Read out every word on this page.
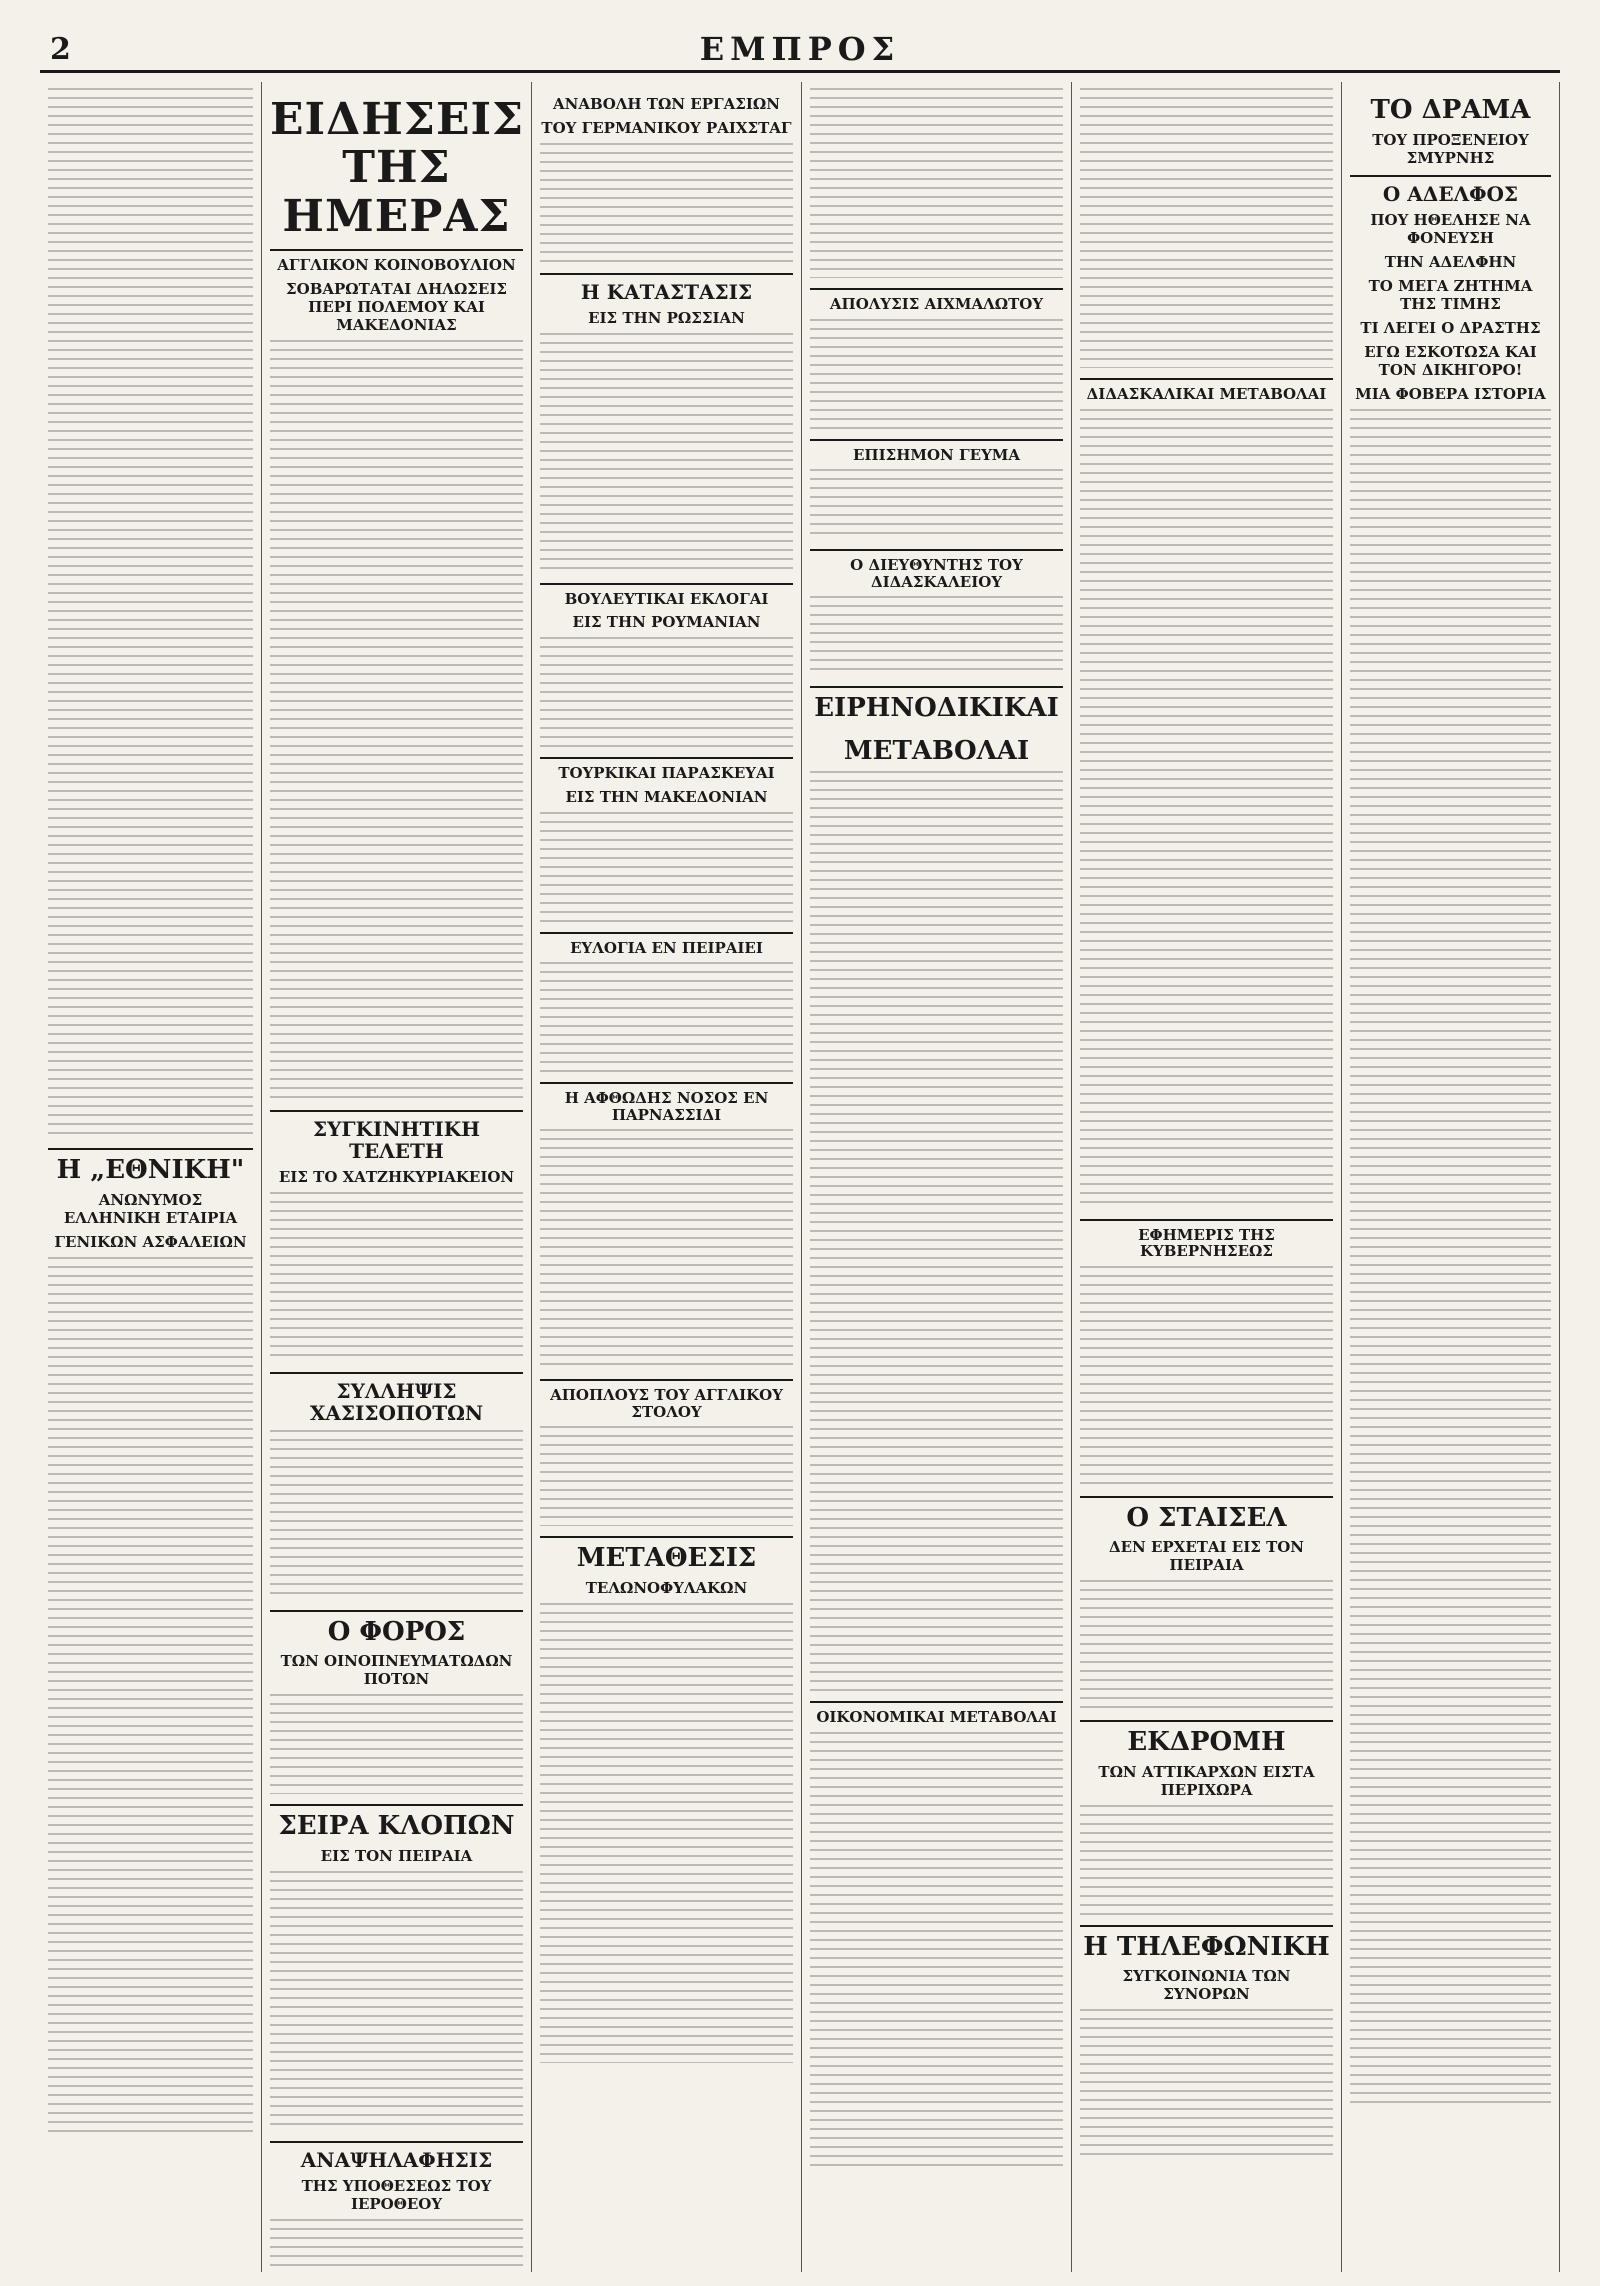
2	ΕΜΠΡΟΣ
Η „ΕΘΝΙΚΗ"
ΑΝΩΝΥΜΟΣ ΕΛΛΗΝΙΚΗ ΕΤΑΙΡΙΑ
ΓΕΝΙΚΩΝ ΑΣΦΑΛΕΙΩΝ
ΕΙΔΗΣΕΙΣ ΤΗΣ ΗΜΕΡΑΣ
ΑΓΓΛΙΚΟΝ ΚΟΙΝΟΒΟΥΛΙΟΝ
ΣΟΒΑΡΩΤΑΤΑΙ ΔΗΛΩΣΕΙΣ ΠΕΡΙ ΠΟΛΕΜΟΥ ΚΑΙ ΜΑΚΕΔΟΝΙΑΣ
ΣΥΓΚΙΝΗΤΙΚΗ ΤΕΛΕΤΗ
ΕΙΣ ΤΟ ΧΑΤΖΗΚΥΡΙΑΚΕΙΟΝ
ΣΥΛΛΗΨΙΣ ΧΑΣΙΣΟΠΟΤΩΝ
Ο ΦΟΡΟΣ
ΤΩΝ ΟΙΝΟΠΝΕΥΜΑΤΩΔΩΝ ΠΟΤΩΝ
ΣΕΙΡΑ ΚΛΟΠΩΝ
ΕΙΣ ΤΟΝ ΠΕΙΡΑΙΑ
ΑΝΑΨΗΛΑΦΗΣΙΣ
ΤΗΣ ΥΠΟΘΕΣΕΩΣ ΤΟΥ ΙΕΡΟΘΕΟΥ
ΑΝΑΒΟΛΗ ΤΩΝ ΕΡΓΑΣΙΩΝ
ΤΟΥ ΓΕΡΜΑΝΙΚΟΥ ΡΑΙΧΣΤΑΓ
Η ΚΑΤΑΣΤΑΣΙΣ
ΕΙΣ ΤΗΝ ΡΩΣΣΙΑΝ
ΒΟΥΛΕΥΤΙΚΑΙ ΕΚΛΟΓΑΙ
ΕΙΣ ΤΗΝ ΡΟΥΜΑΝΙΑΝ
ΤΟΥΡΚΙΚΑΙ ΠΑΡΑΣΚΕΥΑΙ
ΕΙΣ ΤΗΝ ΜΑΚΕΔΟΝΙΑΝ
ΕΥΛΟΓΙΑ ΕΝ ΠΕΙΡΑΙΕΙ
Η ΑΦΘΩΔΗΣ ΝΟΣΟΣ ΕΝ ΠΑΡΝΑΣΣΙΔΙ
ΑΠΟΠΛΟΥΣ ΤΟΥ ΑΓΓΛΙΚΟΥ ΣΤΟΛΟΥ
ΜΕΤΑΘΕΣΙΣ
ΤΕΛΩΝΟΦΥΛΑΚΩΝ
ΑΠΟΛΥΣΙΣ ΑΙΧΜΑΛΩΤΟΥ
ΕΠΙΣΗΜΟΝ ΓΕΥΜΑ
Ο ΔΙΕΥΘΥΝΤΗΣ ΤΟΥ ΔΙΔΑΣΚΑΛΕΙΟΥ
ΕΙΡΗΝΟΔΙΚΙΚΑΙ
ΜΕΤΑΒΟΛΑΙ
ΟΙΚΟΝΟΜΙΚΑΙ ΜΕΤΑΒΟΛΑΙ
ΔΙΔΑΣΚΑΛΙΚΑΙ ΜΕΤΑΒΟΛΑΙ
ΕΦΗΜΕΡΙΣ ΤΗΣ ΚΥΒΕΡΝΗΣΕΩΣ
Ο ΣΤΑΙΣΕΛ
ΔΕΝ ΕΡΧΕΤΑΙ ΕΙΣ ΤΟΝ ΠΕΙΡΑΙΑ
ΕΚΔΡΟΜΗ
ΤΩΝ ΑΤΤΙΚΑΡΧΩΝ ΕΙΣΤΑ ΠΕΡΙΧΩΡΑ
Η ΤΗΛΕΦΩΝΙΚΗ
ΣΥΓΚΟΙΝΩΝΙΑ ΤΩΝ ΣΥΝΟΡΩΝ
ΤΟ ΔΡΑΜΑ
ΤΟΥ ΠΡΟΞΕΝΕΙΟΥ ΣΜΥΡΝΗΣ
Ο ΑΔΕΛΦΟΣ
ΠΟΥ ΗΘΕΛΗΣΕ ΝΑ ΦΟΝΕΥΣΗ
ΤΗΝ ΑΔΕΛΦΗΝ
ΤΟ ΜΕΓΑ ΖΗΤΗΜΑ ΤΗΣ ΤΙΜΗΣ
ΤΙ ΛΕΓΕΙ Ο ΔΡΑΣΤΗΣ
ΕΓΩ ΕΣΚΟΤΩΣΑ ΚΑΙ ΤΟΝ ΔΙΚΗΓΟΡΟ!
ΜΙΑ ΦΟΒΕΡΑ ΙΣΤΟΡΙΑ
